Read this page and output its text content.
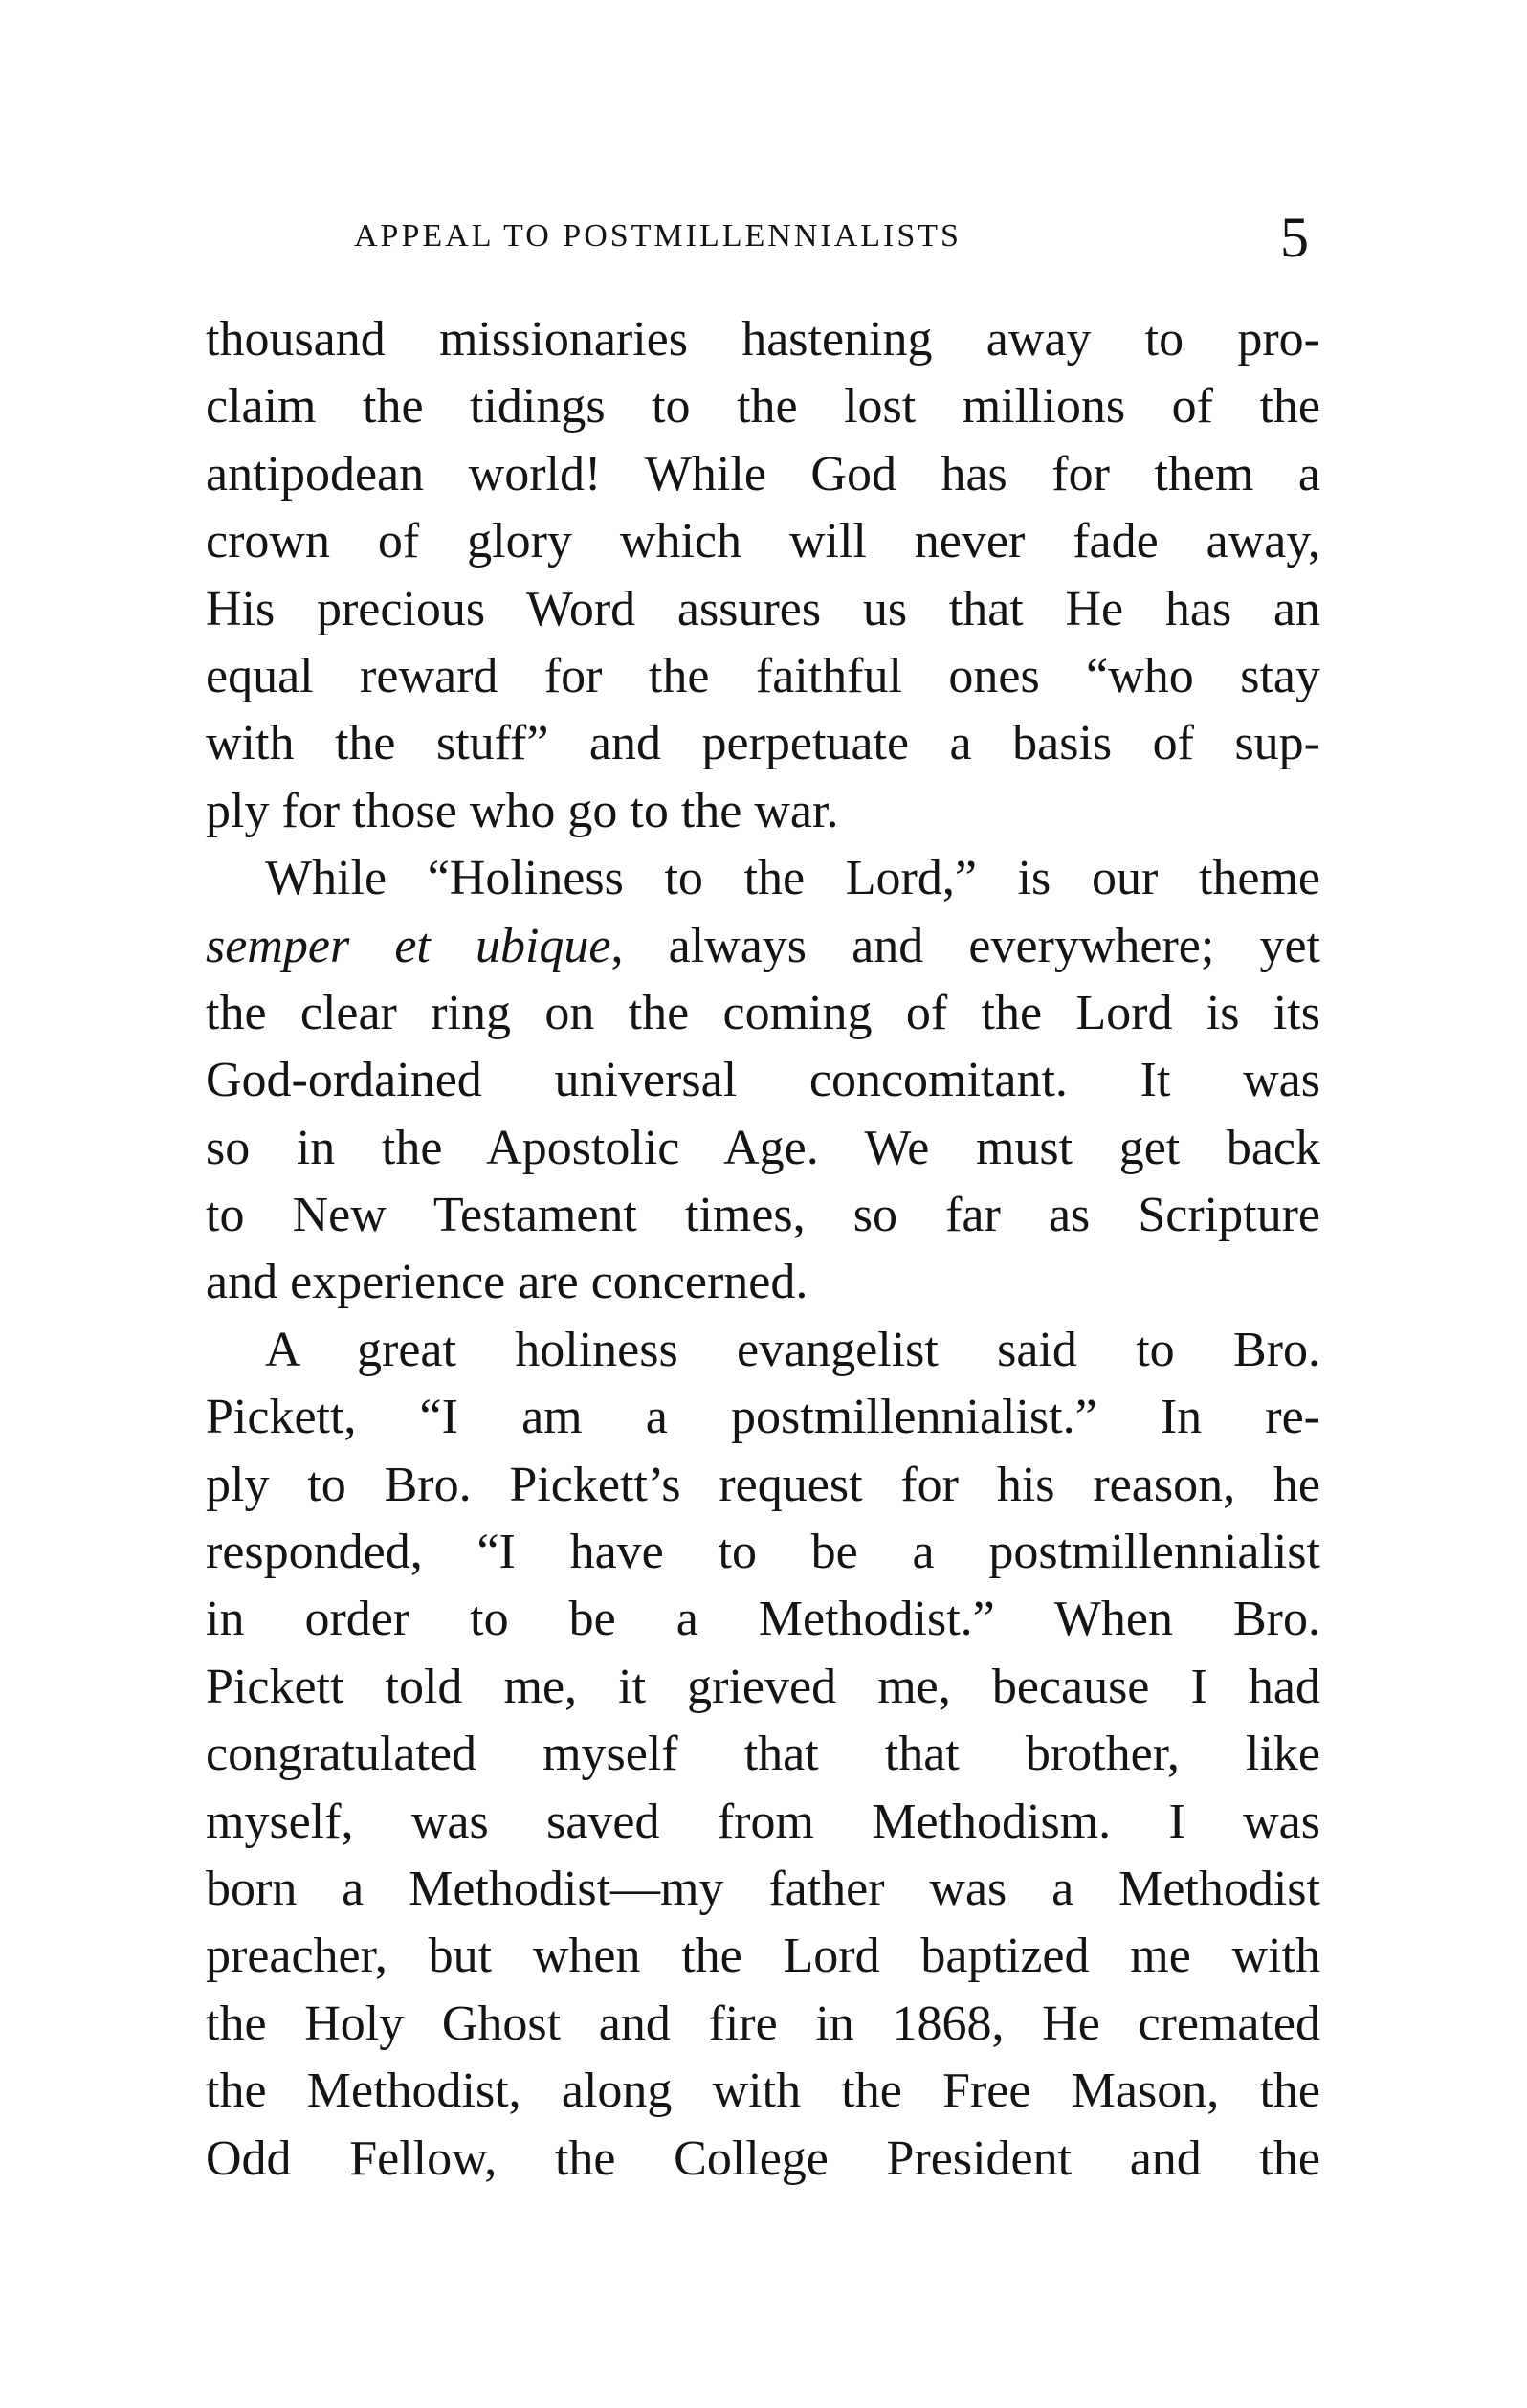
APPEAL TO POSTMILLENNIALISTS	5
thousand missionaries hastening away to pro-
claim the tidings to the lost millions of the
antipodean world! While God has for them a
crown of glory which will never fade away,
His precious Word assures us that He has an
equal reward for the faithful ones “who stay
with the stuff” and perpetuate a basis of sup-
ply for those who go to the war.
While “Holiness to the Lord,” is our theme
semper et ubique, always and everywhere; yet
the clear ring on the coming of the Lord is its
God-ordained universal concomitant. It was
so in the Apostolic Age. We must get back
to New Testament times, so far as Scripture
and experience are concerned.
A great holiness evangelist said to Bro.
Pickett, “I am a postmillennialist.” In re-
ply to Bro. Pickett’s request for his reason, he
responded, “I have to be a postmillennialist
in order to be a Methodist.” When Bro.
Pickett told me, it grieved me, because I had
congratulated myself that that brother, like
myself, was saved from Methodism. I was
born a Methodist—my father was a Methodist
preacher, but when the Lord baptized me with
the Holy Ghost and fire in 1868, He cremated
the Methodist, along with the Free Mason, the
Odd Fellow, the College President and the
